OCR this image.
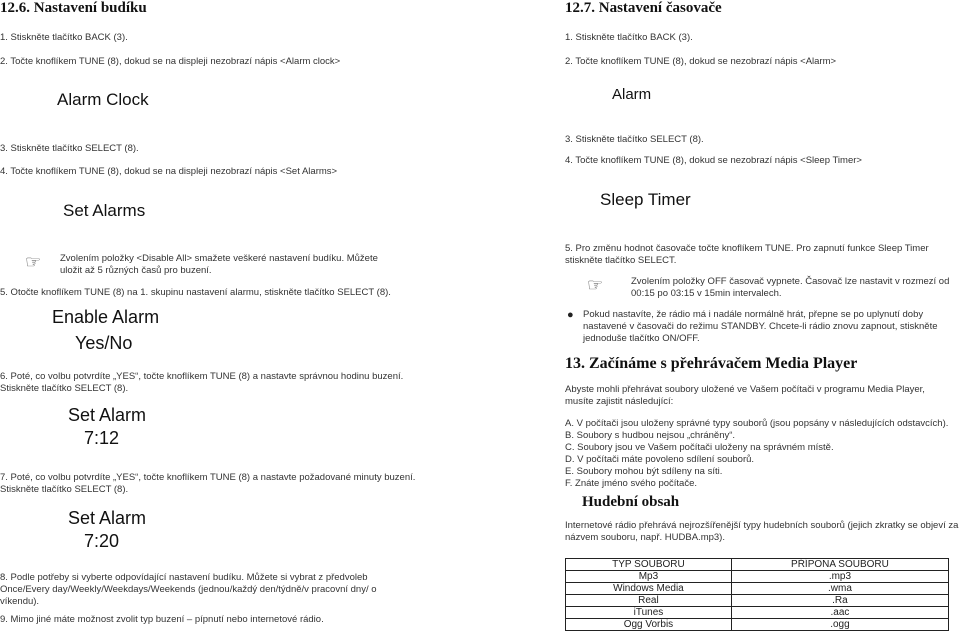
12.6. Nastavení budíku
1. Stiskněte tlačítko BACK (3).
2. Točte knoflíkem TUNE (8), dokud se na displeji nezobrazí nápis <Alarm clock>
Alarm Clock
3. Stiskněte tlačítko SELECT (8).
4. Točte knoflíkem TUNE (8), dokud se na displeji nezobrazí nápis <Set Alarms>
Set Alarms
☞ Zvolením položky <Disable All> smažete veškeré nastavení budíku. Můžete uložit až 5 různých časů pro buzení.
5. Otočte knoflíkem TUNE (8) na 1. skupinu nastavení alarmu, stiskněte tlačítko SELECT (8).
Enable Alarm
Yes/No
6. Poté, co volbu potvrdíte „YES“, točte knoflíkem TUNE (8) a nastavte správnou hodinu buzení. Stiskněte tlačítko SELECT (8).
Set Alarm
7:12
7. Poté, co volbu potvrdíte „YES“, točte knoflíkem TUNE (8) a nastavte požadované minuty buzení. Stiskněte tlačítko SELECT (8).
Set Alarm
7:20
8. Podle potřeby si vyberte odpovídající nastavení budíku. Můžete si vybrat z předvoleb Once/Every day/Weekly/Weekdays/Weekends (jednou/každý den/týdně/v pracovní dny/ o víkendu).
9. Mimo jiné máte možnost zvolit typ buzení – pípnutí nebo internetové rádio.
12.7. Nastavení časovače
1. Stiskněte tlačítko BACK (3).
2. Točte knoflíkem TUNE (8), dokud se nezobrazí nápis <Alarm>
Alarm
3. Stiskněte tlačítko SELECT (8).
4. Točte knoflíkem TUNE (8), dokud se nezobrazí nápis <Sleep Timer>
Sleep Timer
5. Pro změnu hodnot časovače točte knoflíkem TUNE. Pro zapnutí funkce Sleep Timer stiskněte tlačítko SELECT.
☞	Zvolením položky OFF časovač vypnete. Časovač lze nastavit v rozmezí od 00:15 po 03:15 v 15min intervalech.
● Pokud nastavíte, že rádio má i nadále normálně hrát, přepne se po uplynutí doby nastavené v časovači do režimu STANDBY. Chcete-li rádio znovu zapnout, stiskněte jednoduše tlačítko ON/OFF.
13. Začínáme s přehrávačem Media Player
Abyste mohli přehrávat soubory uložené ve Vašem počítači v programu Media Player, musíte zajistit následující:
A. V počítači jsou uloženy správné typy souborů (jsou popsány v následujících odstavcích).
B. Soubory s hudbou nejsou „chráněny“.
C. Soubory jsou ve Vašem počítači uloženy na správném místě.
D. V počítači máte povoleno sdílení souborů.
E. Soubory mohou být sdíleny na síti.
F. Znáte jméno svého počítače.
Hudební obsah
Internetové rádio přehrává nejrozšířenější typy hudebních souborů (jejich zkratky se objeví za názvem souboru, např. HUDBA.mp3).
TYP SOUBORU	PŘÍPONA SOUBORU
Mp3	.mp3
Windows Media	.wma
Real	.Ra
iTunes	.aac
Ogg Vorbis	.ogg
